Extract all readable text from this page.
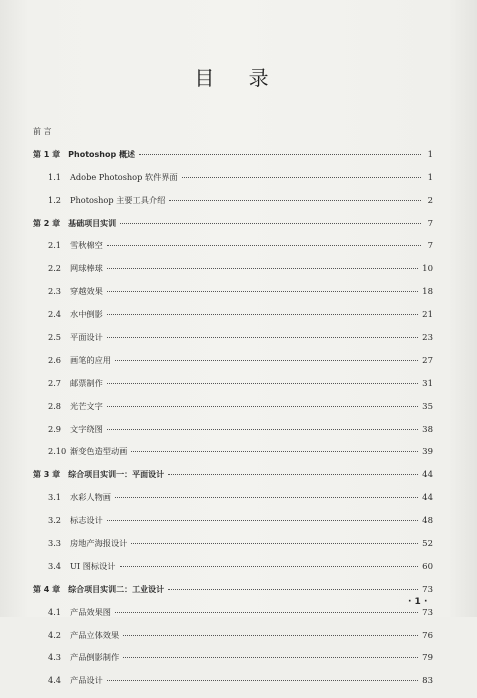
目 录
前 言
第 1 章 Photoshop 概述	1
1.1	Adobe Photoshop 软件界面	1
1.2	Photoshop 主要工具介绍	2
第 2 章 基础项目实训	7
2.1	雪秋棉空	7
2.2	网球棒球	10
2.3	穿越效果	18
2.4	水中倒影	21
2.5	平面设计	23
2.6	画笔的应用	27
2.7	邮票制作	31
2.8	光芒文字	35
2.9	文字绕图	38
2.10 渐变色造型动画	39
第 3 章 综合项目实训一：平面设计	44
3.1	水彩人物画	44
3.2	标志设计	48
3.3	房地产海报设计	52
3.4	UI 图标设计	60
第 4 章 综合项目实训二：工业设计	73
4.1	产品效果图	73
4.2	产品立体效果	76
4.3	产品倒影制作	79
4.4	产品设计	83
· 1 ·
